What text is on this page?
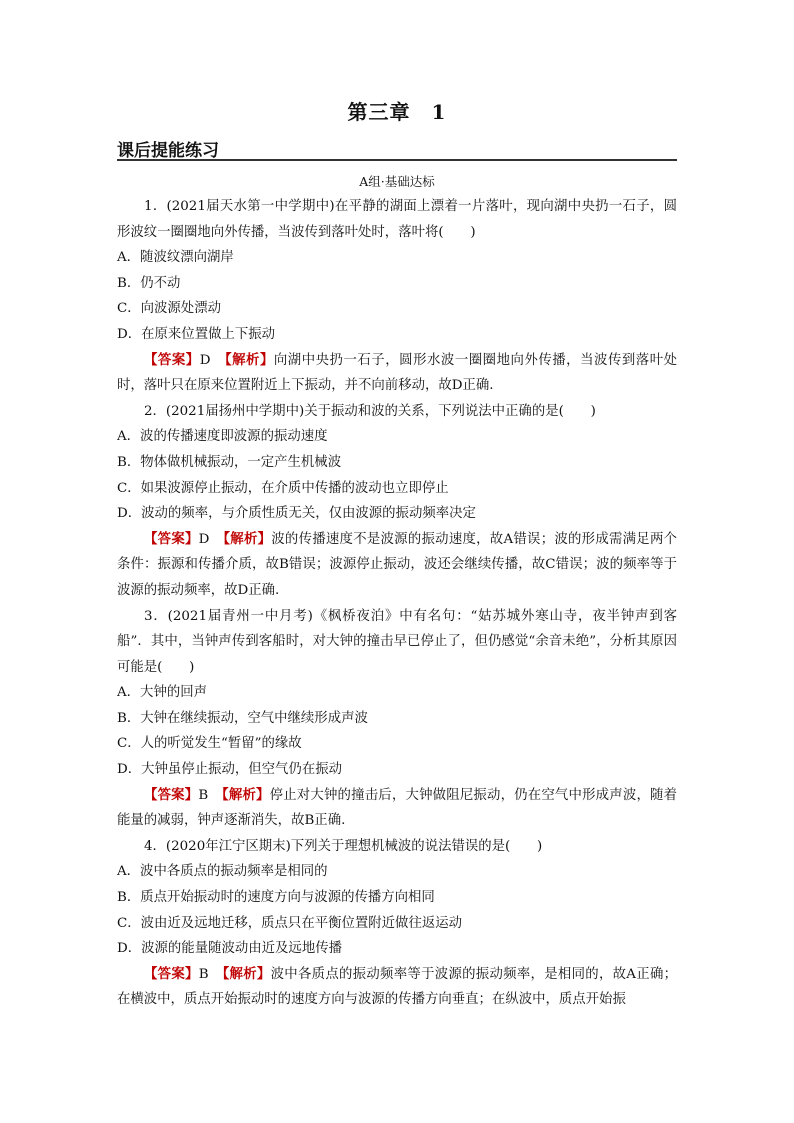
第三章　1
课后提能练习
A组·基础达标

1．(2021届天水第一中学期中)在平静的湖面上漂着一片落叶，现向湖中央扔一石子，圆形波纹一圈圈地向外传播，当波传到落叶处时，落叶将(　　)

A．随波纹漂向湖岸

B．仍不动

C．向波源处漂动

D．在原来位置做上下振动

【答案】D　 【解析】向湖中央扔一石子，圆形水波一圈圈地向外传播，当波传到落叶处时，落叶只在原来位置附近上下振动，并不向前移动，故D正确.

2．(2021届扬州中学期中)关于振动和波的关系，下列说法中正确的是(　　)

A．波的传播速度即波源的振动速度

B．物体做机械振动，一定产生机械波

C．如果波源停止振动，在介质中传播的波动也立即停止

D．波动的频率，与介质性质无关，仅由波源的振动频率决定

【答案】D　 【解析】波的传播速度不是波源的振动速度，故A错误；波的形成需满足两个条件：振源和传播介质，故B错误；波源停止振动，波还会继续传播，故C错误；波的频率等于波源的振动频率，故D正确.

3．(2021届青州一中月考)《枫桥夜泊》中有名句：“姑苏城外寒山寺，夜半钟声到客船”．其中，当钟声传到客船时，对大钟的撞击早已停止了，但仍感觉“余音未绝”，分析其原因可能是(　　)

A．大钟的回声

B．大钟在继续振动，空气中继续形成声波

C．人的听觉发生“暂留”的缘故

D．大钟虽停止振动，但空气仍在振动

【答案】B　 【解析】停止对大钟的撞击后，大钟做阻尼振动，仍在空气中形成声波，随着能量的减弱，钟声逐渐消失，故B正确.

4．(2020年江宁区期末)下列关于理想机械波的说法错误的是(　　)

A．波中各质点的振动频率是相同的

B．质点开始振动时的速度方向与波源的传播方向相同

C．波由近及远地迁移，质点只在平衡位置附近做往返运动

D．波源的能量随波动由近及远地传播

【答案】B　 【解析】波中各质点的振动频率等于波源的振动频率，是相同的，故A正确；在横波中，质点开始振动时的速度方向与波源的传播方向垂直；在纵波中，质点开始振
